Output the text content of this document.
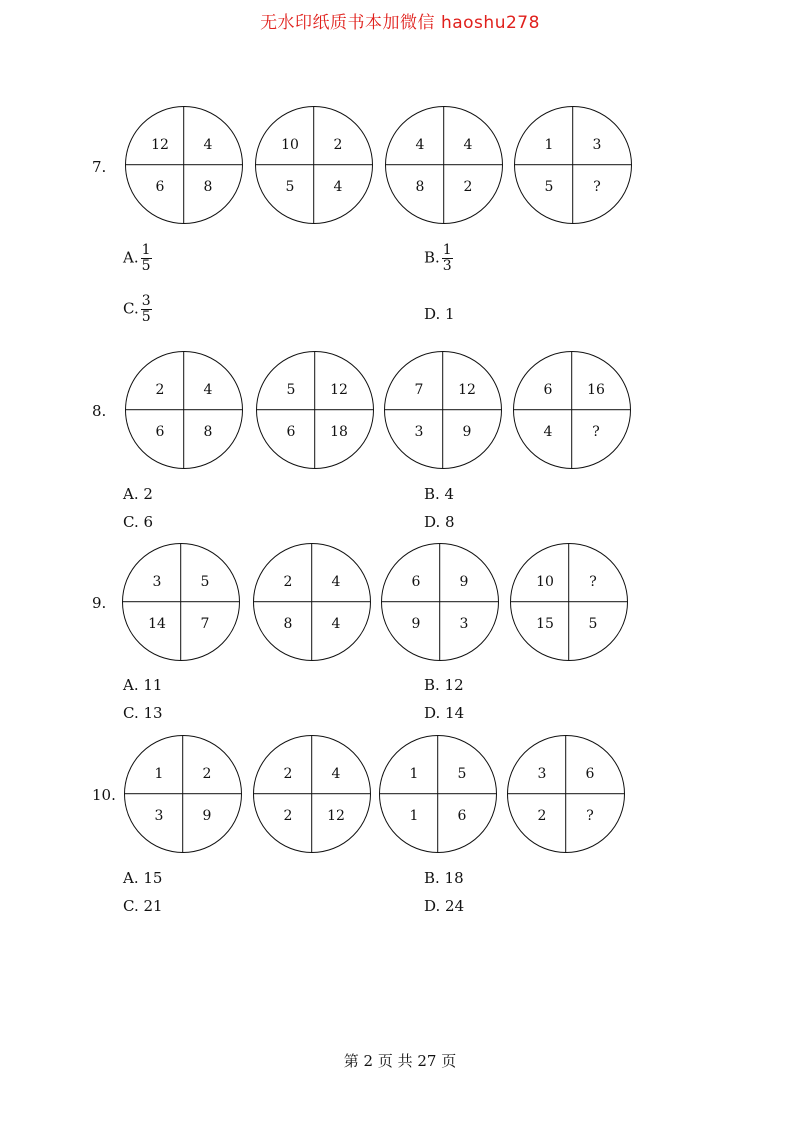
无水印纸质书本加微信 haoshu278
7.
12	4
6	8
10	2
5	4
4	4
8	2
1	3
5	?
A. $\frac{1}{5}$	B. $\frac{1}{3}$
C. $\frac{3}{5}$	D. 1
8.
2	4
6	8
5	12
6	18
7	12
3	9
6	16
4	?
A. 2	B. 4
C. 6	D. 8
9.
3	5
14	7
2	4
8	4
6	9
9	3
10	?
15	5
A. 11	B. 12
C. 13	D. 14
10.
1	2
3	9
2	4
2	12
1	5
1	6
3	6
2	?
A. 15	B. 18
C. 21	D. 24
第 2 页 共 27 页
